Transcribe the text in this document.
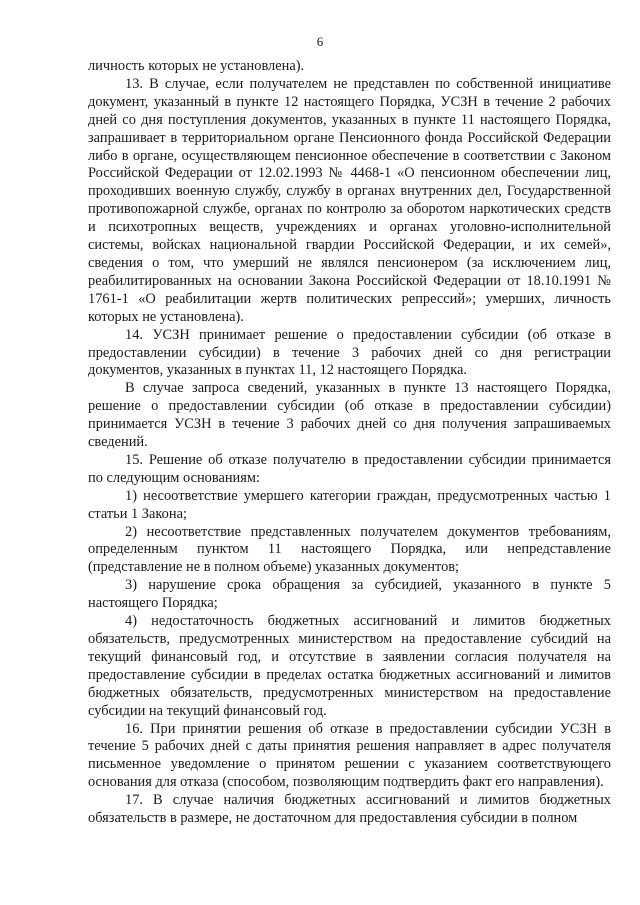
6

личность которых не установлена).

13. В случае, если получателем не представлен по собственной инициативе документ, указанный в пункте 12 настоящего Порядка, УСЗН в течение 2 рабочих дней со дня поступления документов, указанных в пункте 11 настоящего Порядка, запрашивает в территориальном органе Пенсионного фонда Российской Федерации либо в органе, осуществляющем пенсионное обеспечение в соответствии с Законом Российской Федерации от 12.02.1993 № 4468-1 «О пенсионном обеспечении лиц, проходивших военную службу, службу в органах внутренних дел, Государственной противопожарной службе, органах по контролю за оборотом наркотических средств и психотропных веществ, учреждениях и органах уголовно-исполнительной системы, войсках национальной гвардии Российской Федерации, и их семей», сведения о том, что умерший не являлся пенсионером (за исключением лиц, реабилитированных на основании Закона Российской Федерации от 18.10.1991 № 1761-1 «О реабилитации жертв политических репрессий»; умерших, личность которых не установлена).

14. УСЗН принимает решение о предоставлении субсидии (об отказе в предоставлении субсидии) в течение 3 рабочих дней со дня регистрации документов, указанных в пунктах 11, 12 настоящего Порядка.

В случае запроса сведений, указанных в пункте 13 настоящего Порядка, решение о предоставлении субсидии (об отказе в предоставлении субсидии) принимается УСЗН в течение 3 рабочих дней со дня получения запрашиваемых сведений.

15. Решение об отказе получателю в предоставлении субсидии принимается по следующим основаниям:

1) несоответствие умершего категории граждан, предусмотренных частью 1 статьи 1 Закона;

2) несоответствие представленных получателем документов требованиям, определенным пунктом 11 настоящего Порядка, или непредставление (представление не в полном объеме) указанных документов;

3) нарушение срока обращения за субсидией, указанного в пункте 5 настоящего Порядка;

4) недостаточность бюджетных ассигнований и лимитов бюджетных обязательств, предусмотренных министерством на предоставление субсидий на текущий финансовый год, и отсутствие в заявлении согласия получателя на предоставление субсидии в пределах остатка бюджетных ассигнований и лимитов бюджетных обязательств, предусмотренных министерством на предоставление субсидии на текущий финансовый год.

16. При принятии решения об отказе в предоставлении субсидии УСЗН в течение 5 рабочих дней с даты принятия решения направляет в адрес получателя письменное уведомление о принятом решении с указанием соответствующего основания для отказа (способом, позволяющим подтвердить факт его направления).

17. В случае наличия бюджетных ассигнований и лимитов бюджетных обязательств в размере, не достаточном для предоставления субсидии в полном
